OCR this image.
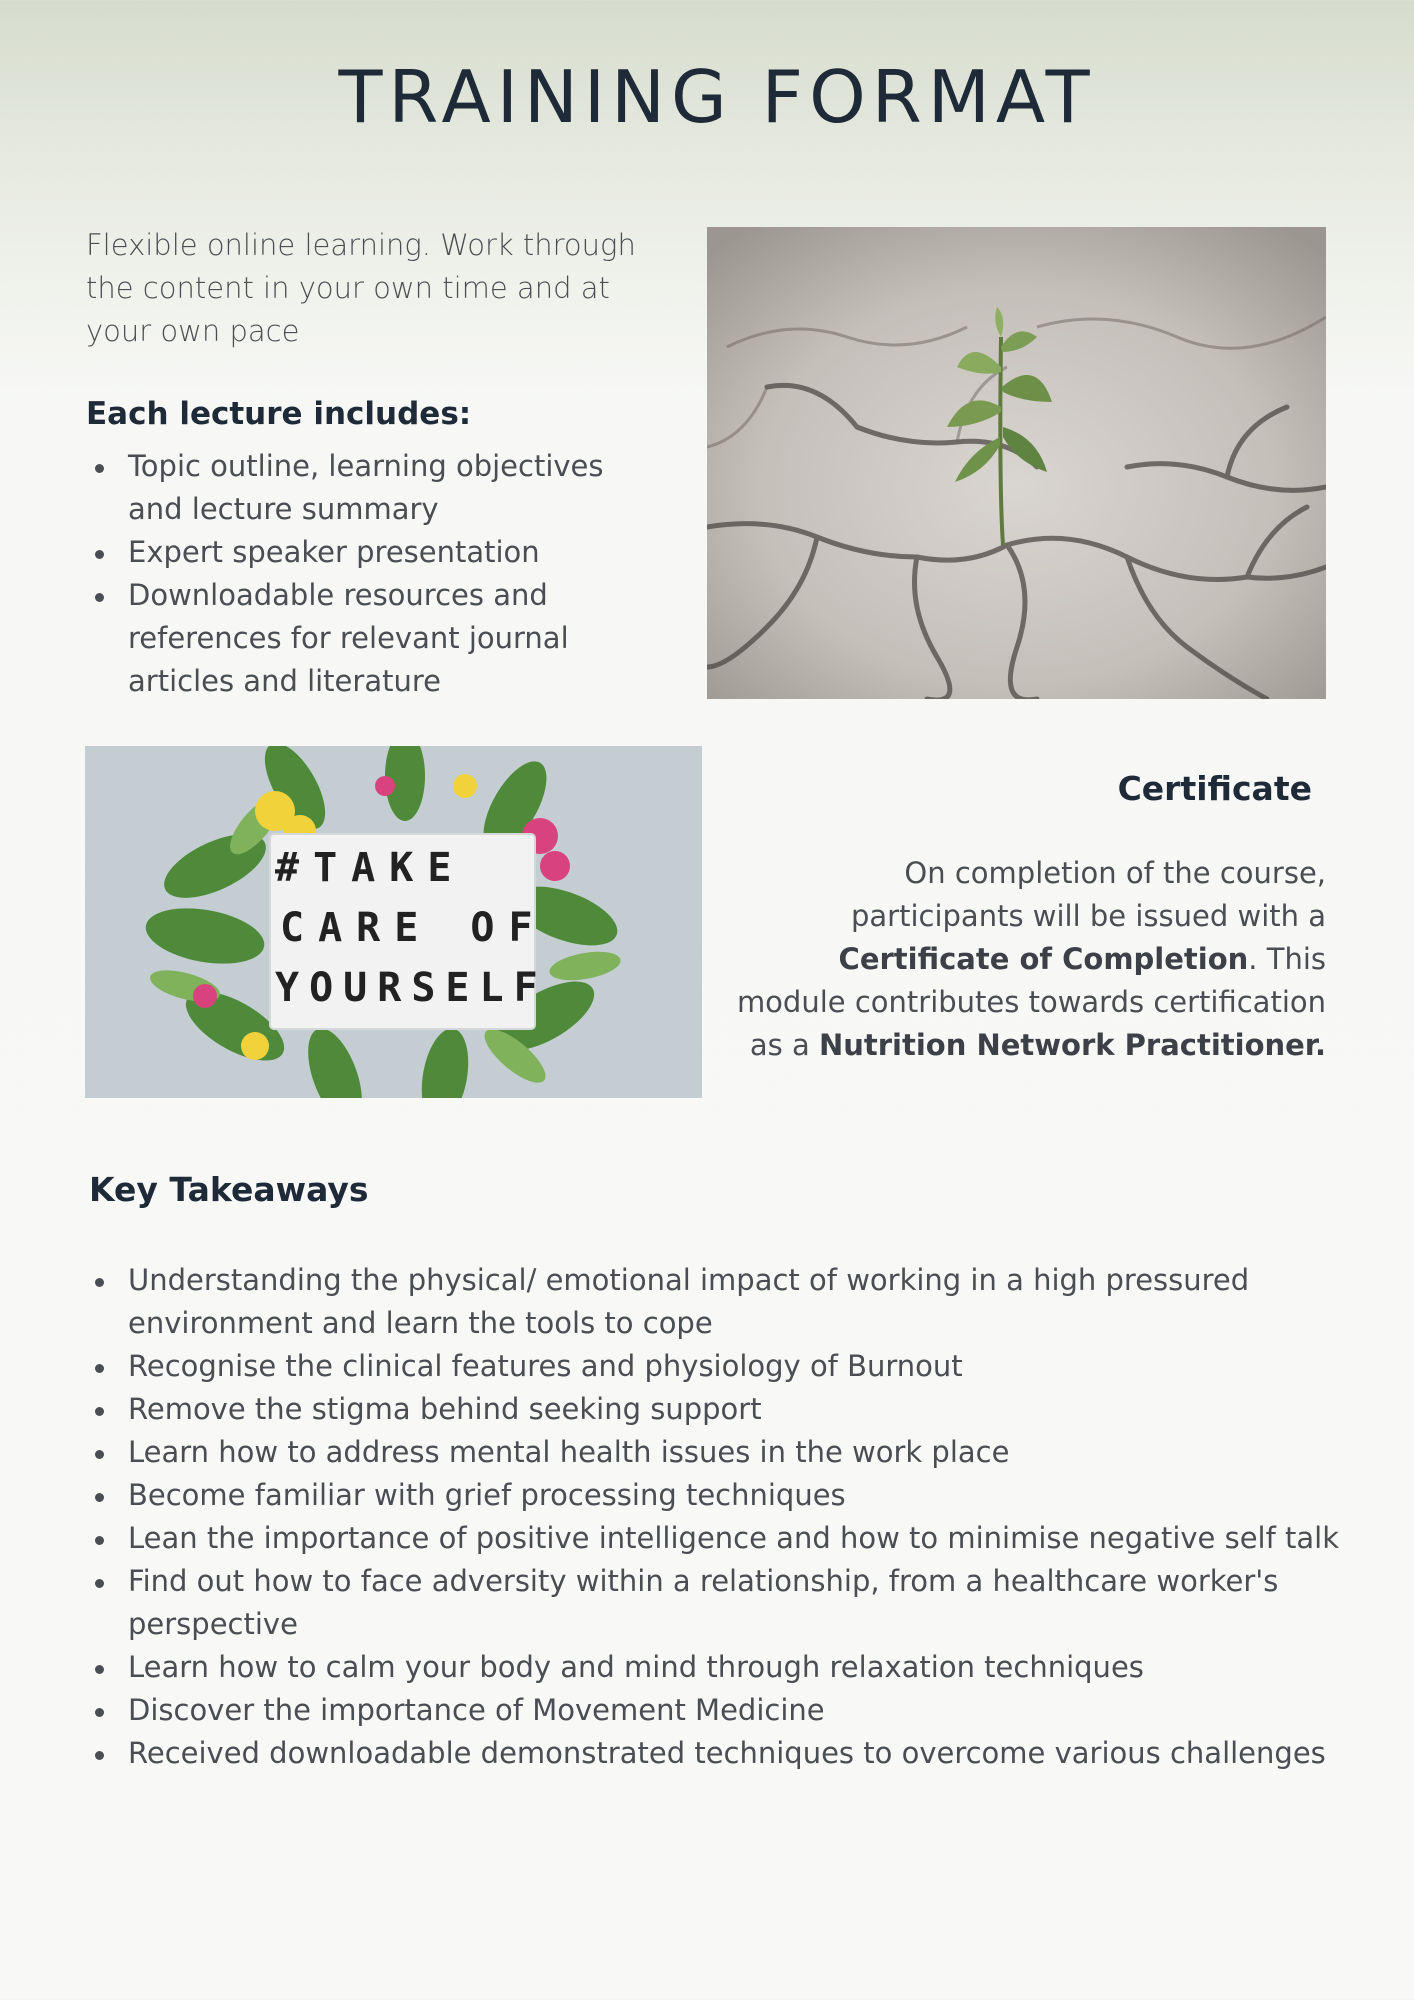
TRAINING FORMAT

Flexible online learning. Work through the content in your own time and at your own pace

Each lecture includes:
Topic outline, learning objectives and lecture summary
Expert speaker presentation
Downloadable resources and references for relevant journal articles and literature
#TAKE
CARE OF
YOURSELF
Certificate

On completion of the course, participants will be issued with a Certificate of Completion. This module contributes towards certification as a Nutrition Network Practitioner.

Key Takeaways
Understanding the physical/ emotional impact of working in a high pressured environment and learn the tools to cope
Recognise the clinical features and physiology of Burnout
Remove the stigma behind seeking support
Learn how to address mental health issues in the work place
Become familiar with grief processing techniques
Lean the importance of positive intelligence and how to minimise negative self talk
Find out how to face adversity within a relationship, from a healthcare worker's perspective
Learn how to calm your body and mind through relaxation techniques
Discover the importance of Movement Medicine
Received downloadable demonstrated techniques to overcome various challenges
